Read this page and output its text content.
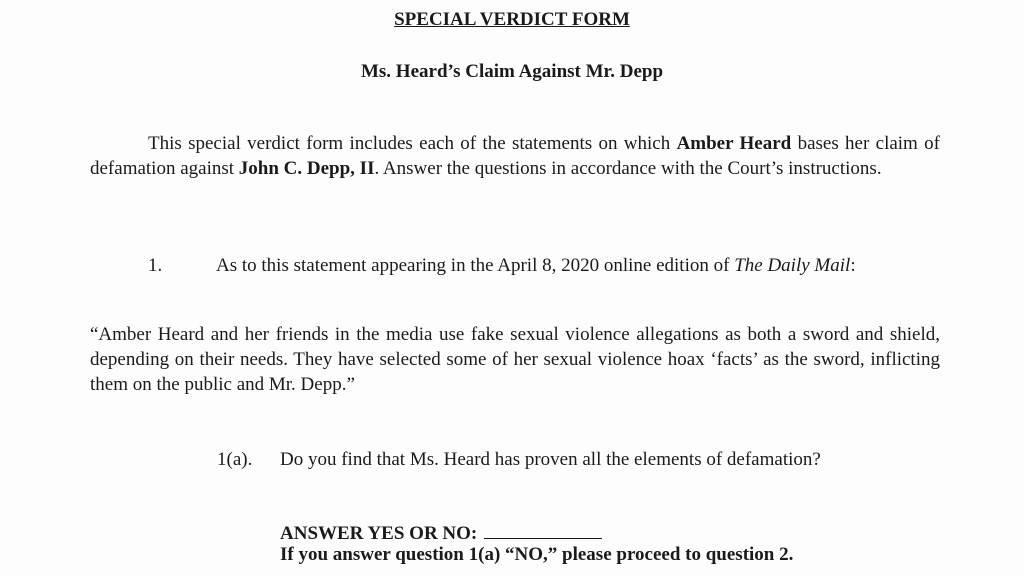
SPECIAL VERDICT FORM
Ms. Heard’s Claim Against Mr. Depp
This special verdict form includes each of the statements on which Amber Heard bases her claim of defamation against John C. Depp, II. Answer the questions in accordance with the Court’s instructions.
1.	As to this statement appearing in the April 8, 2020 online edition of The Daily Mail:
“Amber Heard and her friends in the media use fake sexual violence allegations as both a sword and shield, depending on their needs. They have selected some of her sexual violence hoax ‘facts’ as the sword, inflicting them on the public and Mr. Depp.”
1(a). Do you find that Ms. Heard has proven all the elements of defamation?
ANSWER YES OR NO:
If you answer question 1(a) “NO,” please proceed to question 2.
